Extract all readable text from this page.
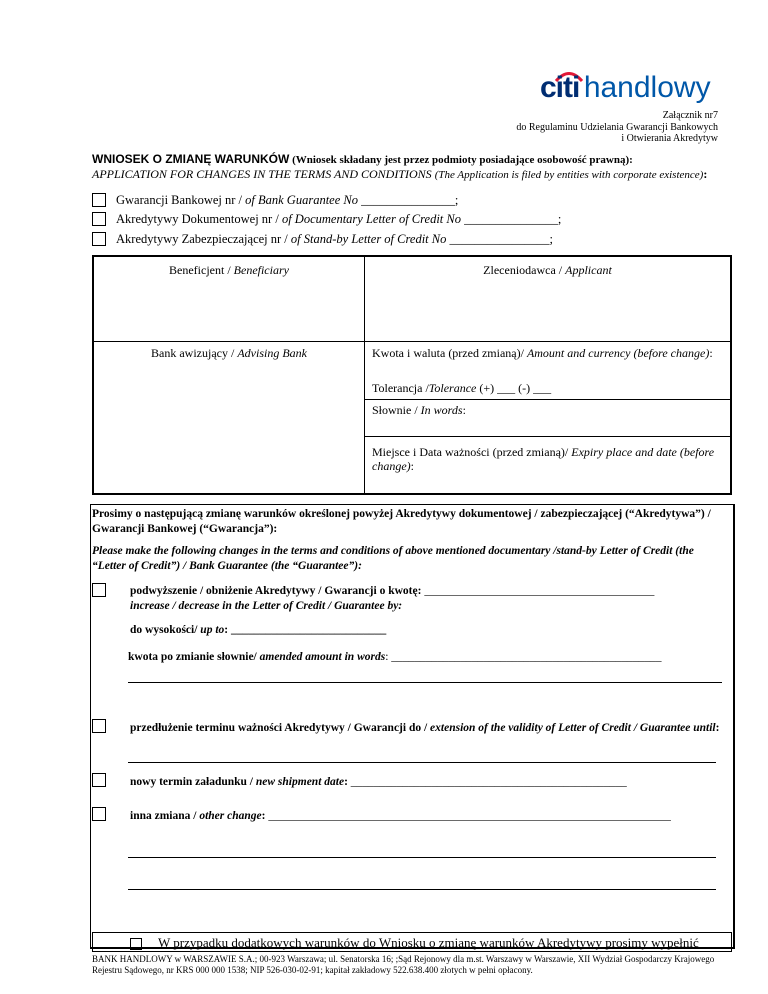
citi handlowy
Załącznik nr7
do Regulaminu Udzielania Gwarancji Bankowych
i Otwierania Akredytyw
WNIOSEK O ZMIANĘ WARUNKÓW (Wniosek składany jest przez podmioty posiadające osobowość prawną):
APPLICATION FOR CHANGES IN THE TERMS AND CONDITIONS (The Application is filed by entities with corporate existence):
Gwarancji Bankowej nr /
of Bank Guarantee No
_______________;
Akredytywy Dokumentowej nr /
of Documentary Letter of Credit No
_______________;
Akredytywy Zabezpieczającej nr /
of Stand-by Letter of Credit No
________________;
Beneficjent / Beneficiary	Zleceniodawca / Applicant
Bank awizujący / Advising Bank	Kwota i waluta (przed zmianą)/ Amount and currency (before change):
Tolerancja /Tolerance (+) ___ (-) ___
Słownie / In words:
Miejsce i Data ważności (przed zmianą)/ Expiry place and date (before change):
Prosimy o następującą zmianę warunków określonej powyżej Akredytywy dokumentowej / zabezpieczającej (“Akredytywa”) / Gwarancji Bankowej (“Gwarancja”):
Please make the following changes in the terms and conditions of above mentioned documentary /stand-by Letter of Credit (the “Letter of Credit”) / Bank Guarantee (the “Guarantee”):
podwyższenie / obniżenie Akredytywy / Gwarancji o kwotę: ________________________________________
increase / decrease in the Letter of Credit / Guarantee by:
do wysokości/ up to: ___________________________
kwota po zmianie słownie/ amended amount in words: _______________________________________________
przedłużenie terminu ważności Akredytywy / Gwarancji do / extension of the validity of Letter of Credit / Guarantee until:
nowy termin załadunku / new shipment date: ________________________________________________
inna zmiana / other change: ______________________________________________________________________
W przypadku dodatkowych warunków do Wniosku o zmianę warunków Akredytywy prosimy wypełnić
BANK HANDLOWY w WARSZAWIE S.A.; 00-923 Warszawa; ul. Senatorska 16; ;Sąd Rejonowy dla m.st. Warszawy w Warszawie, XII Wydział Gospodarczy Krajowego
Rejestru Sądowego, nr KRS 000 000 1538; NIP 526-030-02-91; kapitał zakładowy 522.638.400 złotych w pełni opłacony.
